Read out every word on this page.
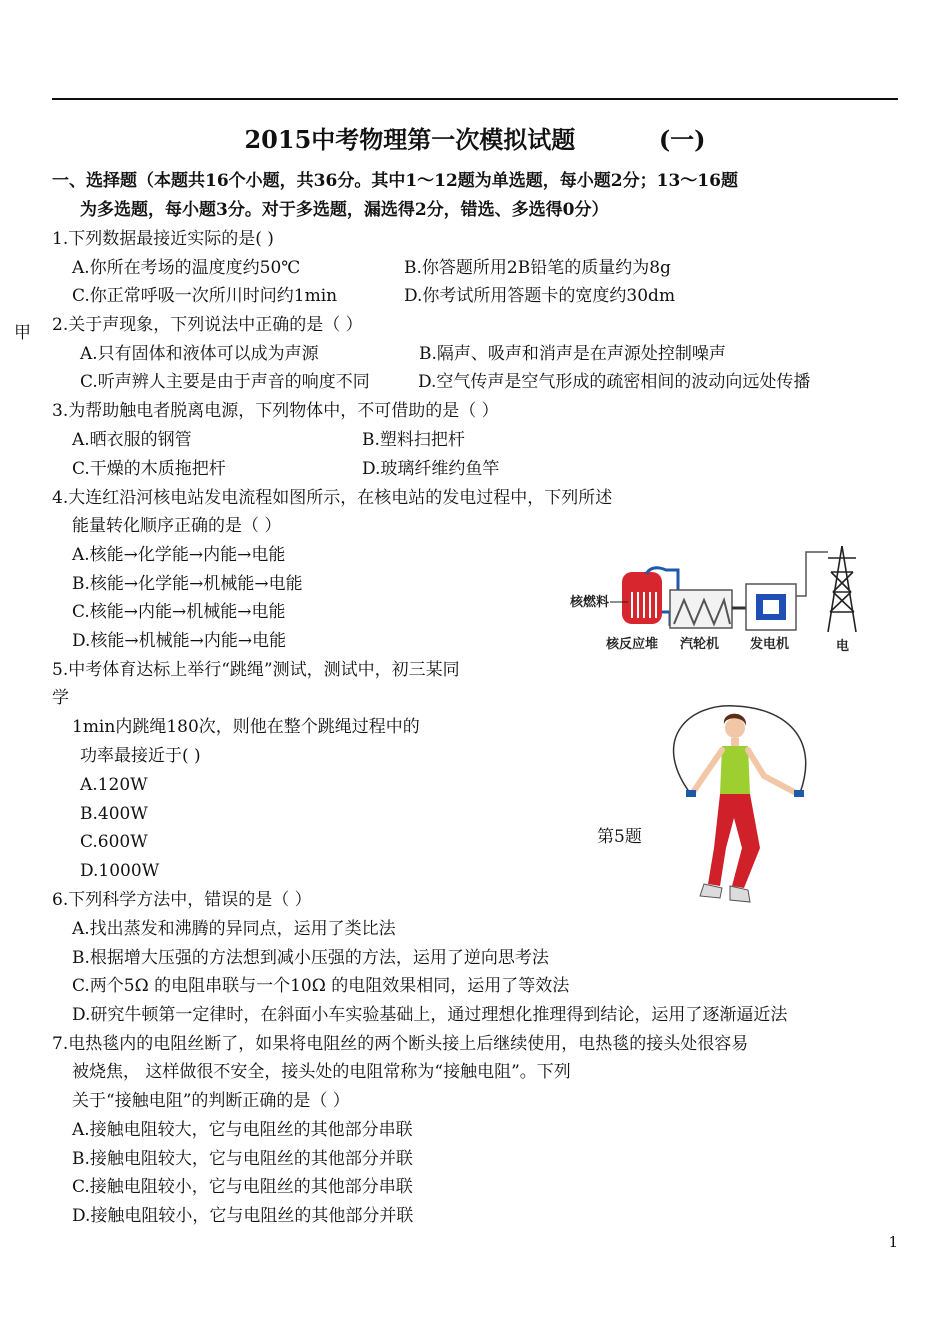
甲
2015中考物理第一次模拟试题          (一)
一、选择题（本题共16个小题，共36分。其中1～12题为单选题，每小题2分；13～16题
为多选题，每小题3分。对于多选题，漏选得2分，错选、多选得0分）
1.下列数据最接近实际的是( )
A.你所在考场的温度度约50℃	B.你答题所用2B铅笔的质量约为8g
C.你正常呼吸一次所川时问约1min	D.你考试所用答题卡的宽度约30dm
2.关于声现象，下列说法中正确的是（ ）
A.只有固体和液体可以成为声源	B.隔声、吸声和消声是在声源处控制噪声
C.听声辨人主要是由于声音的响度不同	D.空气传声是空气形成的疏密相间的波动向远处传播
3.为帮助触电者脱离电源，下列物体中，不可借助的是（ ）
A.晒衣服的钢管	B.塑料扫把杆
C.干燥的木质拖把杆	D.玻璃纤维约鱼竿
4.大连红沿河核电站发电流程如图所示，在核电站的发电过程中，下列所述
能量转化顺序正确的是（ ）
A.核能→化学能→内能→电能
B.核能→化学能→机械能→电能
C.核能→内能→机械能→电能
D.核能→机械能→内能→电能
核燃料
核反应堆 汽轮机 发电机	电
5.中考体育达标上举行“跳绳”测试，测试中，初三某同
学
1min内跳绳180次，则他在整个跳绳过程中的
功率最接近于( )
A.120W
B.400W
C.600W
D.1000W
第5题
6.下列科学方法中，错误的是（ ）
A.找出蒸发和沸腾的异同点，运用了类比法
B.根据增大压强的方法想到减小压强的方法，运用了逆向思考法
C.两个5Ω 的电阻串联与一个10Ω 的电阻效果相同，运用了等效法
D.研究牛顿第一定律时，在斜面小车实验基础上，通过理想化推理得到结论，运用了逐渐逼近法
7.电热毯内的电阻丝断了，如果将电阻丝的两个断头接上后继续使用，电热毯的接头处很容易
被烧焦， 这样做很不安全，接头处的电阻常称为“接触电阻”。下列
关于“接触电阻”的判断正确的是（ ）
A.接触电阻较大，它与电阻丝的其他部分串联
B.接触电阻较大，它与电阻丝的其他部分并联
C.接触电阻较小，它与电阻丝的其他部分串联
D.接触电阻较小，它与电阻丝的其他部分并联
1
